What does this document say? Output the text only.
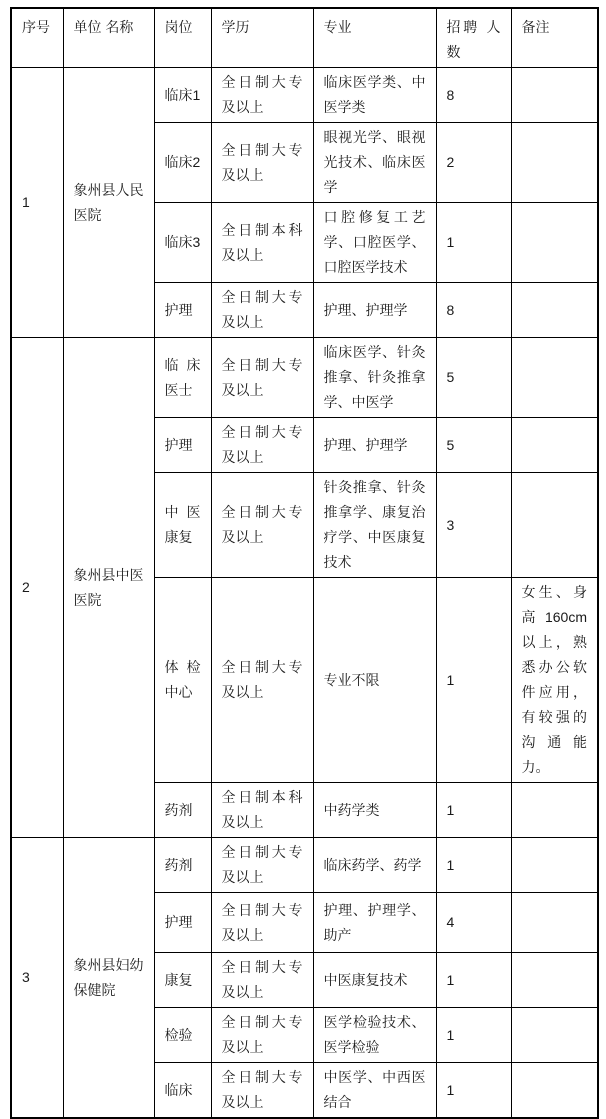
序号	单位 名称	岗位	学历	专业	招聘 人数	备注
1	象州县人民医院	临床1	全日制大专及以上	临床医学类、中医学类	8	
		临床2	全日制大专及以上	眼视光学、眼视光技术、临床医学	2	
		临床3	全日制本科及以上	口腔修复工艺学、口腔医学、口腔医学技术	1	
		护理	全日制大专及以上	护理、护理学	8	
2	象州县中医医院	临床 医士	全日制大专及以上	临床医学、针灸推拿、针灸推拿学、中医学	5	
		护理	全日制大专及以上	护理、护理学	5	
		中医 康复	全日制大专及以上	针灸推拿、针灸推拿学、康复治疗学、中医康复技术	3	
		体检 中心	全日制大专及以上	专业不限	1	女生、身高 160cm 以上，熟悉办公软件应用，有较强的沟通能力。
		药剂	全日制本科及以上	中药学类	1	
3	象州县妇幼保健院	药剂	全日制大专及以上	临床药学、药学	1	
		护理	全日制大专及以上	护理、护理学、助产	4	
		康复	全日制大专及以上	中医康复技术	1	
		检验	全日制大专及以上	医学检验技术、医学检验	1	
		临床	全日制大专及以上	中医学、中西医结合	1	
